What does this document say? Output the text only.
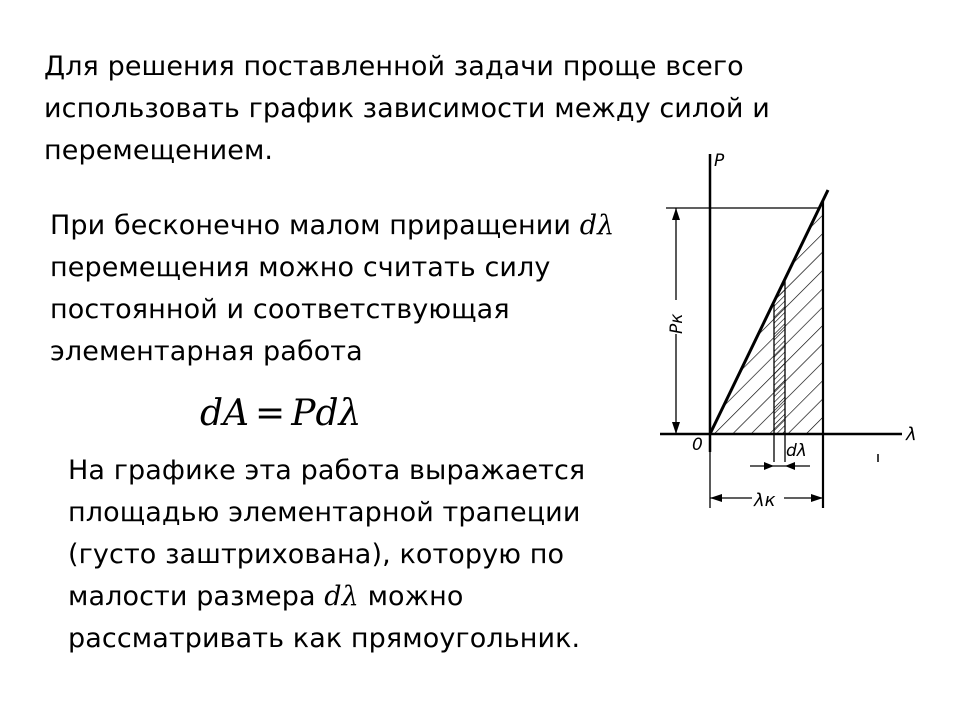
Для решения поставленной задачи проще всего использовать график зависимости между силой и перемещением.

При бесконечно малом приращении dλ перемещения можно считать силу постоянной и соответствующая элементарная работа

dA = Pdλ

На графике эта работа выражается площадью элементарной трапеции (густо заштрихована), которую по малости размера dλ можно рассматривать как прямоугольник.

Pк
dλ
λк
P
λ
0
